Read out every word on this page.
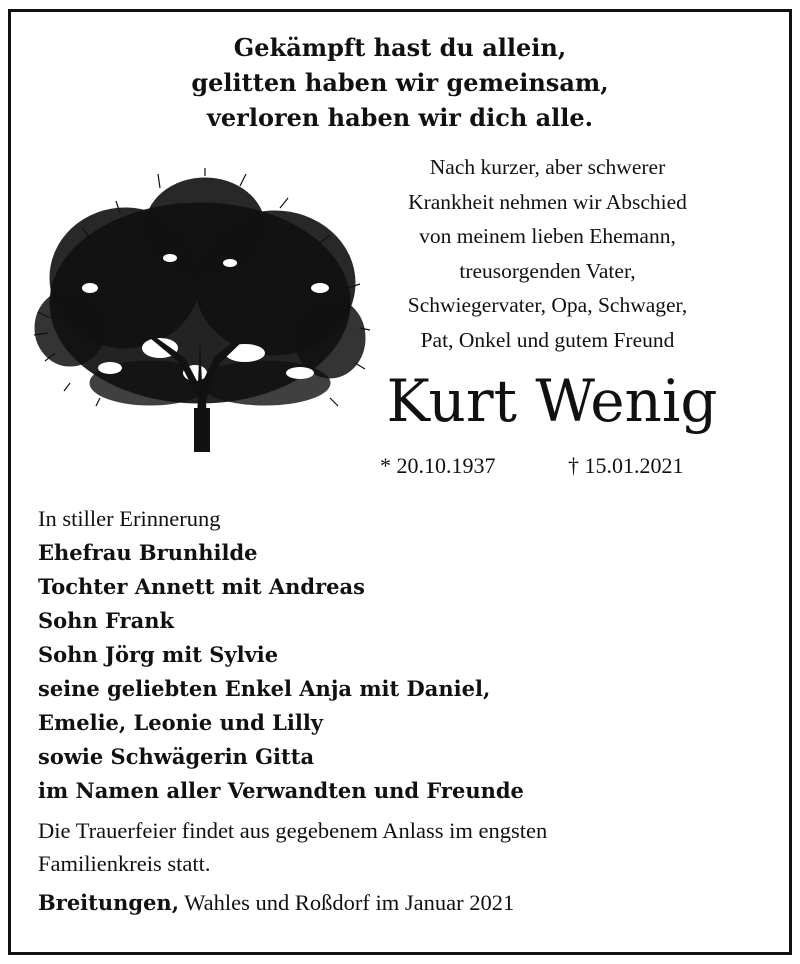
Gekämpft hast du allein,
gelitten haben wir gemeinsam,
verloren haben wir dich alle.
Nach kurzer, aber schwerer
Krankheit nehmen wir Abschied
von meinem lieben Ehemann,
treusorgenden Vater,
Schwiegervater, Opa, Schwager,
Pat, Onkel und gutem Freund
Kurt Wenig
* 20.10.1937	† 15.01.2021
In stiller Erinnerung
Ehefrau Brunhilde
Tochter Annett mit Andreas
Sohn Frank
Sohn Jörg mit Sylvie
seine geliebten Enkel Anja mit Daniel,
Emelie, Leonie und Lilly
sowie Schwägerin Gitta
im Namen aller Verwandten und Freunde
Die Trauerfeier findet aus gegebenem Anlass im engsten
Familienkreis statt.
Breitungen, Wahles und Roßdorf im Januar 2021
